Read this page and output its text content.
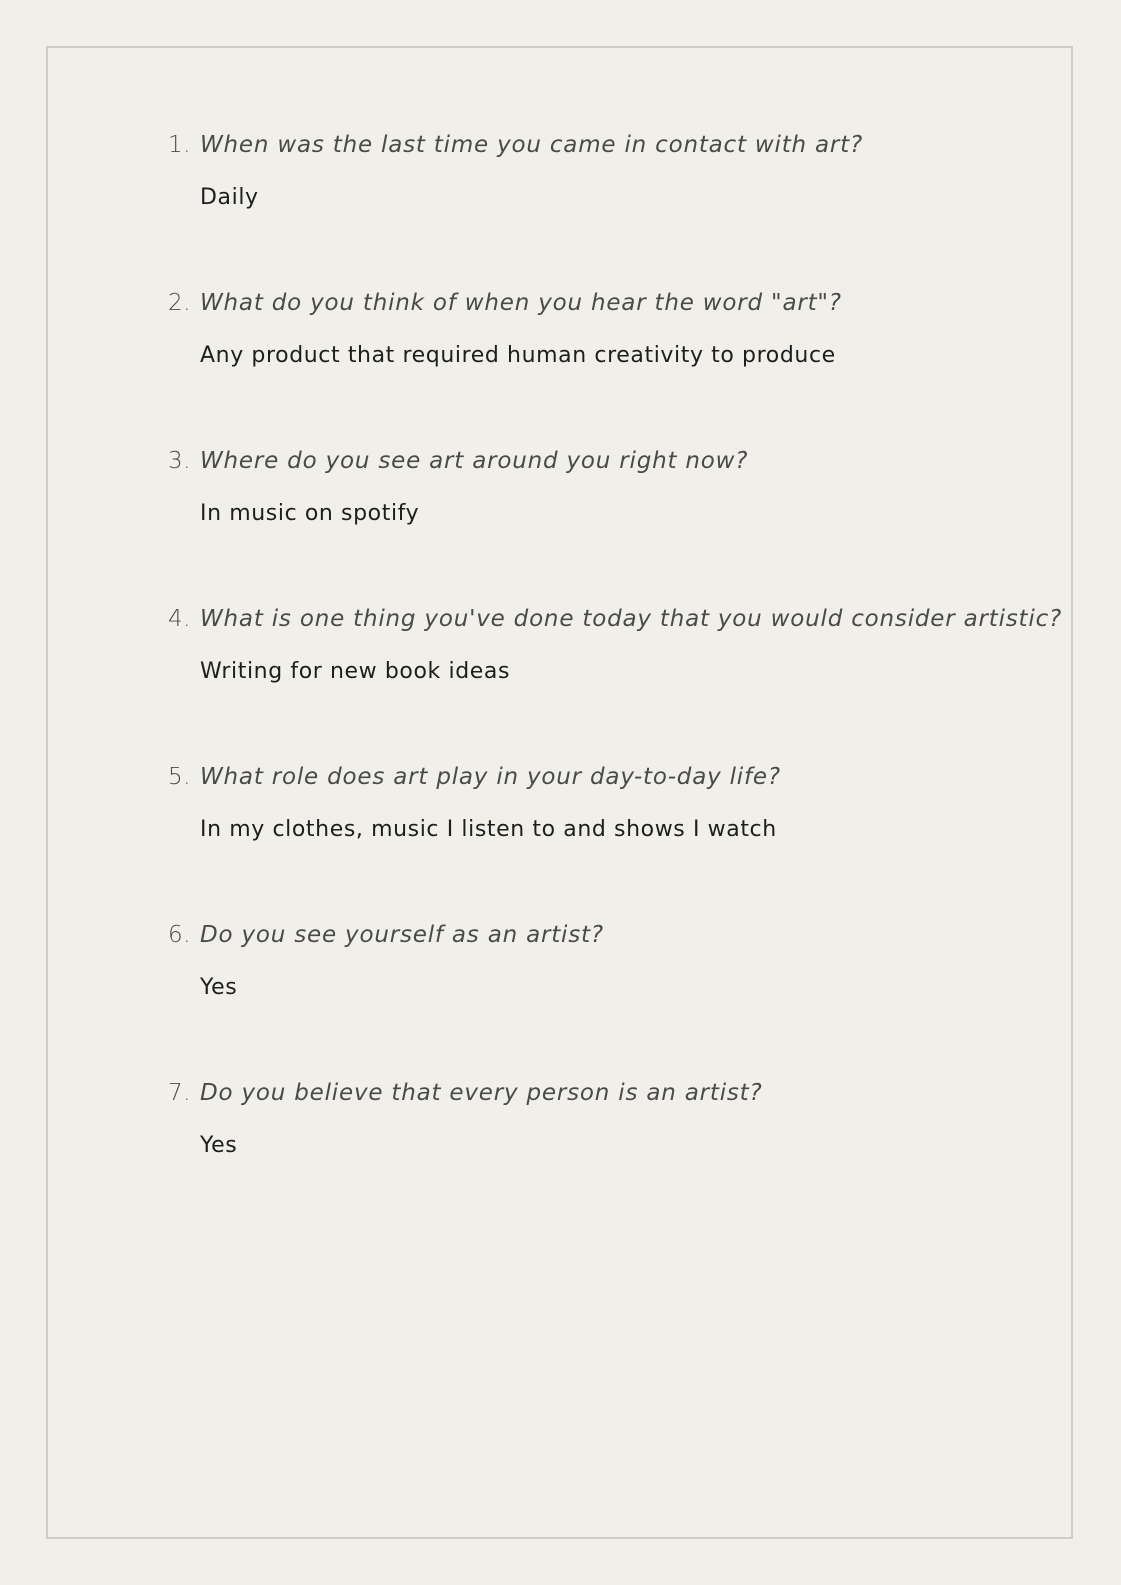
1. When was the last time you came in contact with art?
Daily
2. What do you think of when you hear the word "art"?
Any product that required human creativity to produce
3. Where do you see art around you right now?
In music on spotify
4. What is one thing you've done today that you would consider artistic?
Writing for new book ideas
5. What role does art play in your day-to-day life?
In my clothes, music I listen to and shows I watch
6. Do you see yourself as an artist?
Yes
7. Do you believe that every person is an artist?
Yes
